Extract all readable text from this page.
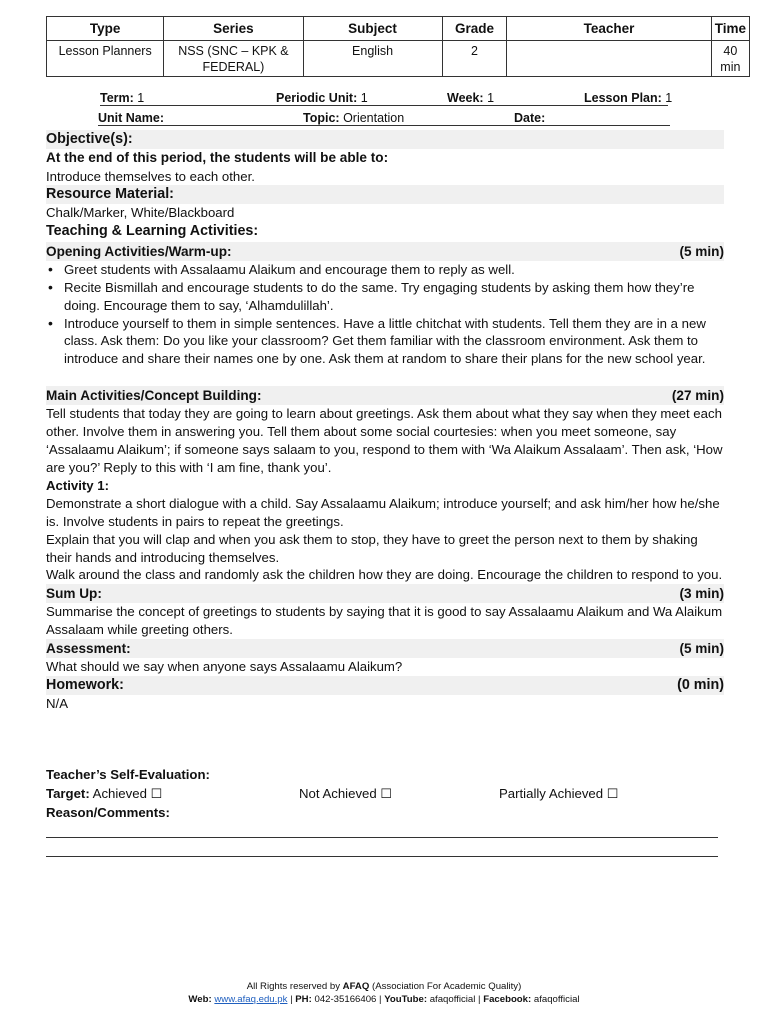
Type	Series	Subject	Grade	Teacher	Time
Lesson Planners	NSS (SNC – KPK & FEDERAL)	English	2		40 min
Term: 1	Periodic Unit: 1	Week: 1	Lesson Plan: 1
Unit Name:	Topic: Orientation	Date:
Objective(s):
At the end of this period, the students will be able to:

Introduce themselves to each other.

Resource Material:

Chalk/Marker, White/Blackboard

Teaching & Learning Activities:
Opening Activities/Warm-up:	(5 min)
• Greet students with Assalaamu Alaikum and encourage them to reply as well.
• Recite Bismillah and encourage students to do the same. Try engaging students by asking them how they’re doing. Encourage them to say, ‘Alhamdulillah’.
• Introduce yourself to them in simple sentences. Have a little chitchat with students. Tell them they are in a new class. Ask them: Do you like your classroom? Get them familiar with the classroom environment. Ask them to introduce and share their names one by one. Ask them at random to share their plans for the new school year.
Main Activities/Concept Building:	(27 min)

Tell students that today they are going to learn about greetings. Ask them about what they say when they meet each other. Involve them in answering you. Tell them about some social courtesies: when you meet someone, say ‘Assalaamu Alaikum’; if someone says salaam to you, respond to them with ‘Wa Alaikum Assalaam’. Then ask, ‘How are you?’ Reply to this with ‘I am fine, thank you’.

Activity 1:

Demonstrate a short dialogue with a child. Say Assalaamu Alaikum; introduce yourself; and ask him/her how he/she is. Involve students in pairs to repeat the greetings.

Explain that you will clap and when you ask them to stop, they have to greet the person next to them by shaking their hands and introducing themselves.

Walk around the class and randomly ask the children how they are doing. Encourage the children to respond to you.

Sum Up:	(3 min)

Summarise the concept of greetings to students by saying that it is good to say Assalaamu Alaikum and Wa Alaikum Assalaam while greeting others.

Assessment:	(5 min)

What should we say when anyone says Assalaamu Alaikum?

Homework:	(0 min)

N/A

Teacher’s Self-Evaluation:
Target: Achieved ☐	Not Achieved ☐	Partially Achieved ☐
Reason/Comments:
All Rights reserved by AFAQ (Association For Academic Quality)
Web: www.afaq.edu.pk | PH: 042-35166406 | YouTube: afaqofficial | Facebook: afaqofficial
